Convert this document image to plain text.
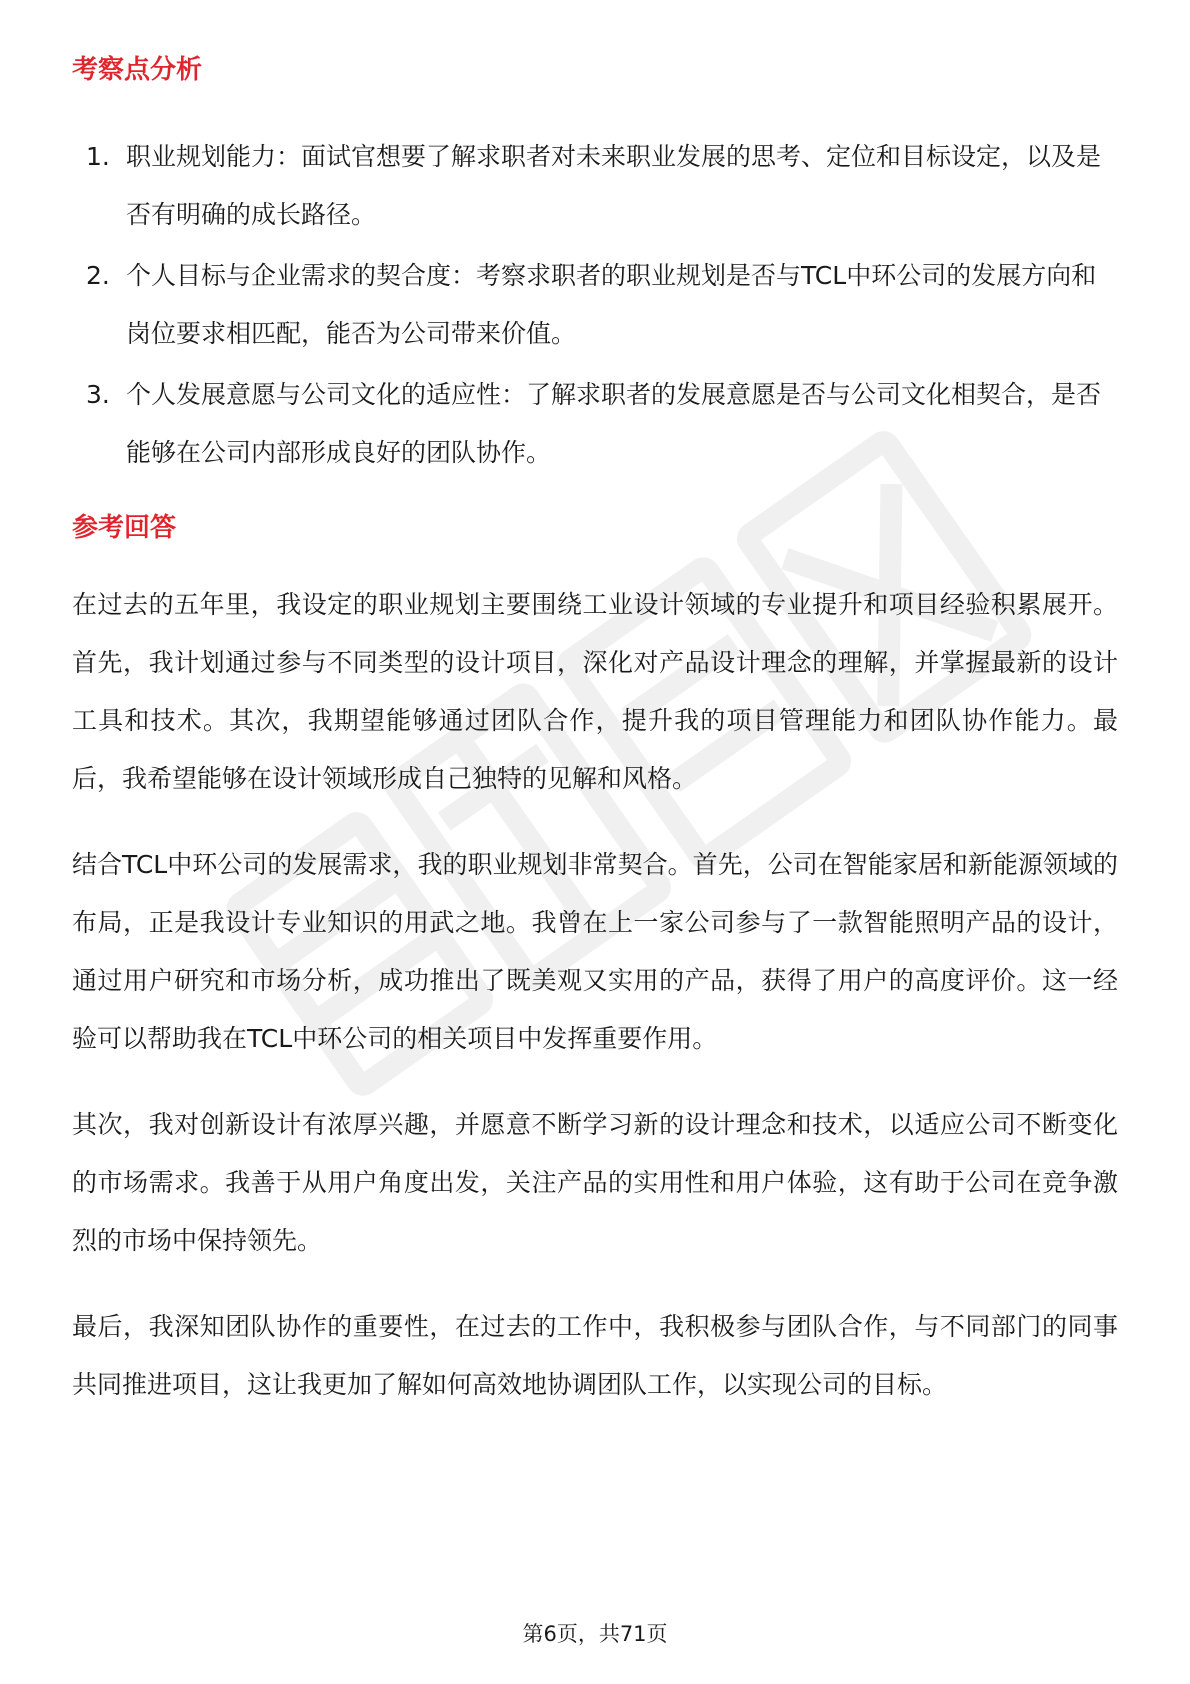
考察点分析
1. 职业规划能力：面试官想要了解求职者对未来职业发展的思考、定位和目标设定，以及是否有明确的成长路径。
2. 个人目标与企业需求的契合度：考察求职者的职业规划是否与TCL中环公司的发展方向和岗位要求相匹配，能否为公司带来价值。
3. 个人发展意愿与公司文化的适应性：了解求职者的发展意愿是否与公司文化相契合，是否能够在公司内部形成良好的团队协作。
参考回答

在过去的五年里，我设定的职业规划主要围绕工业设计领域的专业提升和项目经验积累展开。首先，我计划通过参与不同类型的设计项目，深化对产品设计理念的理解，并掌握最新的设计工具和技术。其次，我期望能够通过团队合作，提升我的项目管理能力和团队协作能力。最后，我希望能够在设计领域形成自己独特的见解和风格。

结合TCL中环公司的发展需求，我的职业规划非常契合。首先，公司在智能家居和新能源领域的布局，正是我设计专业知识的用武之地。我曾在上一家公司参与了一款智能照明产品的设计，通过用户研究和市场分析，成功推出了既美观又实用的产品，获得了用户的高度评价。这一经验可以帮助我在TCL中环公司的相关项目中发挥重要作用。

其次，我对创新设计有浓厚兴趣，并愿意不断学习新的设计理念和技术，以适应公司不断变化的市场需求。我善于从用户角度出发，关注产品的实用性和用户体验，这有助于公司在竞争激烈的市场中保持领先。

最后，我深知团队协作的重要性，在过去的工作中，我积极参与团队合作，与不同部门的同事共同推进项目，这让我更加了解如何高效地协调团队工作，以实现公司的目标。

第6页，共71页
